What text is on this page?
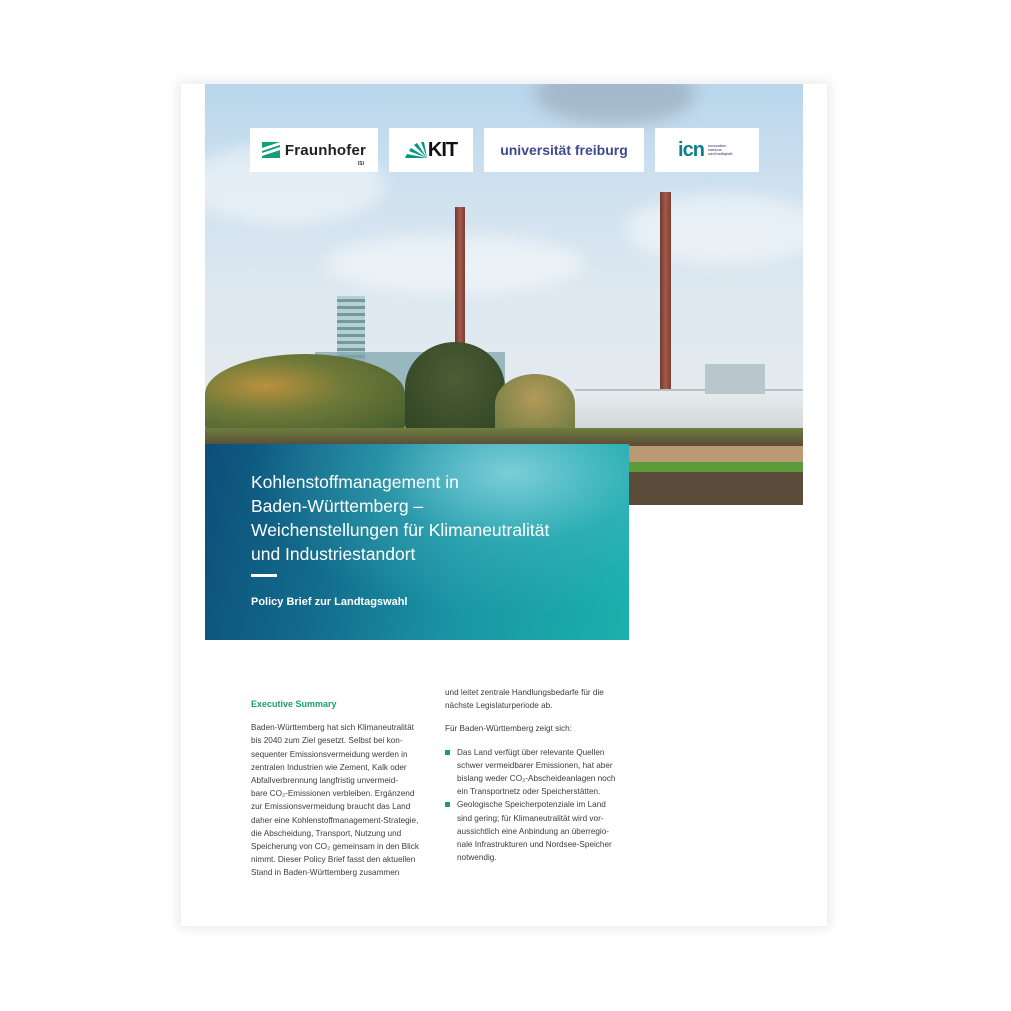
Fraunhofer
ISI
KIT	universität freiburg	icn innovation campus nachhaltigkeit
Kohlenstoffmanagement in
Baden-Württemberg –
Weichenstellungen für Klimaneutralität
und Industriestandort
Policy Brief zur Landtagswahl
Executive Summary
Baden-Württemberg hat sich Klimaneutralität
bis 2040 zum Ziel gesetzt. Selbst bei kon-
sequenter Emissionsvermeidung werden in
zentralen Industrien wie Zement, Kalk oder
Abfallverbrennung langfristig unvermeid-
bare CO₂-Emissionen verbleiben. Ergänzend
zur Emissionsvermeidung braucht das Land
daher eine Kohlenstoffmanagement-Strategie,
die Abscheidung, Transport, Nutzung und
Speicherung von CO₂ gemeinsam in den Blick
nimmt. Dieser Policy Brief fasst den aktuellen
Stand in Baden-Württemberg zusammen
und leitet zentrale Handlungsbedarfe für die
nächste Legislaturperiode ab.
Für Baden-Württemberg zeigt sich:
Das Land verfügt über relevante Quellen
schwer vermeidbarer Emissionen, hat aber
bislang weder CO₂-Abscheideanlagen noch
ein Transportnetz oder Speicherstätten.
Geologische Speicherpotenziale im Land
sind gering; für Klimaneutralität wird vor-
aussichtlich eine Anbindung an überregio-
nale Infrastrukturen und Nordsee-Speicher
notwendig.
